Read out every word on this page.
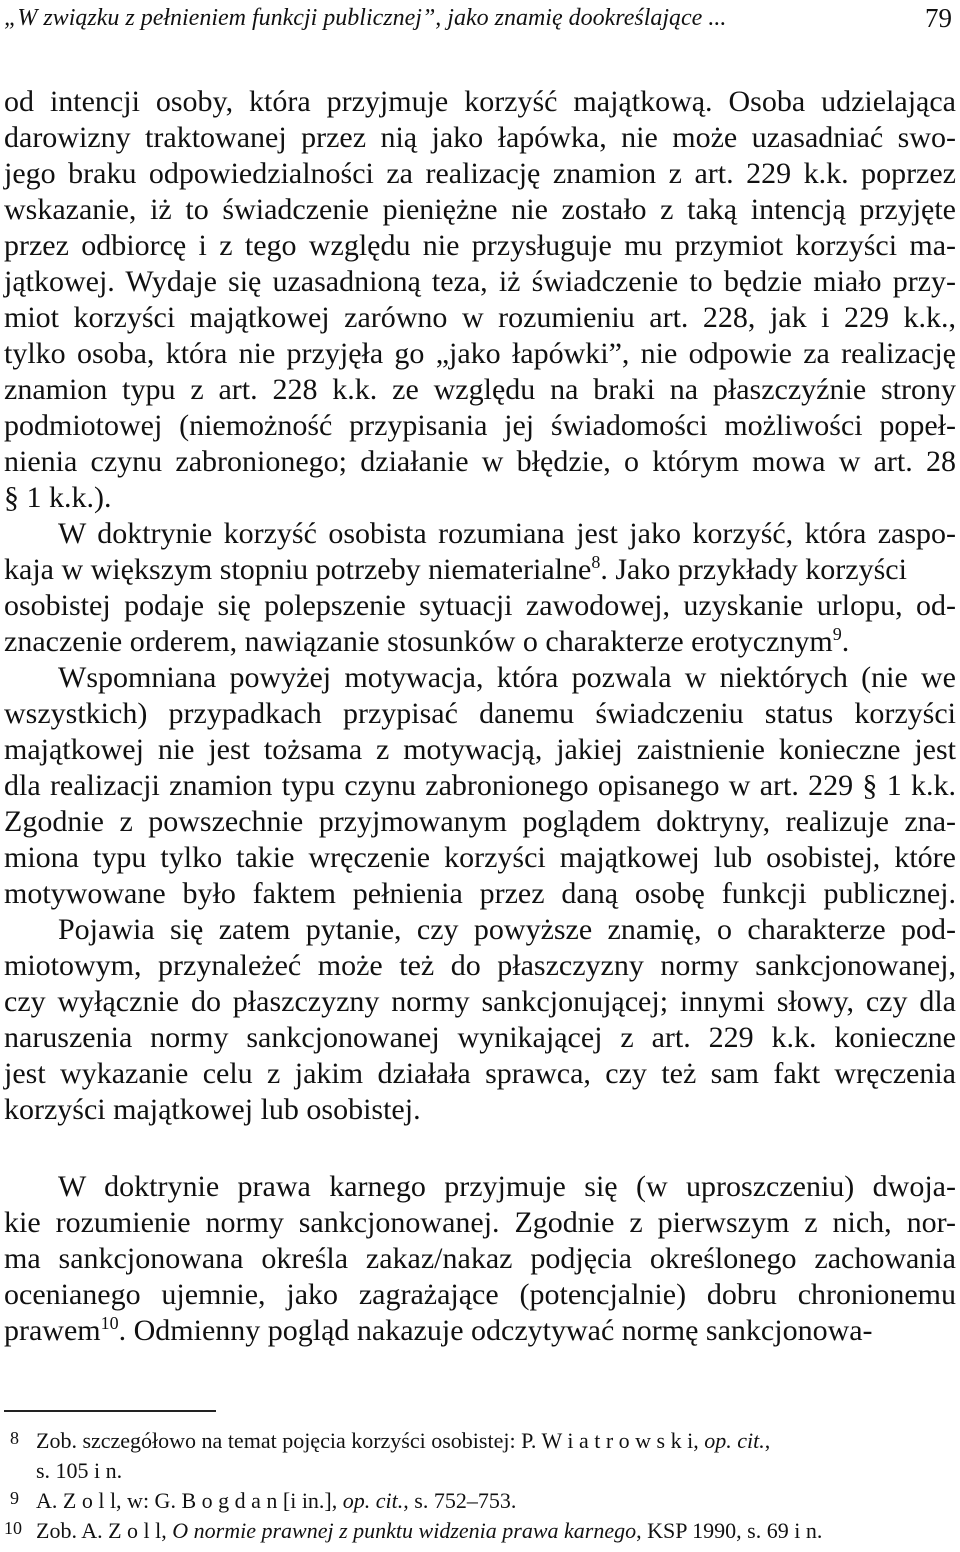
„W związku z pełnieniem funkcji publicznej”, jako znamię dookreślające ...	79
od intencji osoby, która przyjmuje korzyść majątkową. Osoba udzielająca
darowizny traktowanej przez nią jako łapówka, nie może uzasadniać swo-
jego braku odpowiedzialności za realizację znamion z art. 229 k.k. poprzez
wskazanie, iż to świadczenie pieniężne nie zostało z taką intencją przyjęte
przez odbiorcę i z tego względu nie przysługuje mu przymiot korzyści ma-
jątkowej. Wydaje się uzasadnioną teza, iż świadczenie to będzie miało przy-
miot korzyści majątkowej zarówno w rozumieniu art. 228, jak i 229 k.k.,
tylko osoba, która nie przyjęła go „jako łapówki”, nie odpowie za realizację
znamion typu z art. 228 k.k. ze względu na braki na płaszczyźnie strony
podmiotowej (niemożność przypisania jej świadomości możliwości popeł-
nienia czynu zabronionego; działanie w błędzie, o którym mowa w art. 28
§ 1 k.k.).
W doktrynie korzyść osobista rozumiana jest jako korzyść, która zaspo-
kaja w większym stopniu potrzeby niematerialne$^8$. Jako przykłady korzyści
osobistej podaje się polepszenie sytuacji zawodowej, uzyskanie urlopu, od-
znaczenie orderem, nawiązanie stosunków o charakterze erotycznym$^9$.
Wspomniana powyżej motywacja, która pozwala w niektórych (nie we
wszystkich) przypadkach przypisać danemu świadczeniu status korzyści
majątkowej nie jest tożsama z motywacją, jakiej zaistnienie konieczne jest
dla realizacji znamion typu czynu zabronionego opisanego w art. 229 § 1 k.k.
Zgodnie z powszechnie przyjmowanym poglądem doktryny, realizuje zna-
miona typu tylko takie wręczenie korzyści majątkowej lub osobistej, które
motywowane było faktem pełnienia przez daną osobę funkcji publicznej.
Pojawia się zatem pytanie, czy powyższe znamię, o charakterze pod-
miotowym, przynależeć może też do płaszczyzny normy sankcjonowanej,
czy wyłącznie do płaszczyzny normy sankcjonującej; innymi słowy, czy dla
naruszenia normy sankcjonowanej wynikającej z art. 229 k.k. konieczne
jest wykazanie celu z jakim działała sprawca, czy też sam fakt wręczenia
korzyści majątkowej lub osobistej.
W doktrynie prawa karnego przyjmuje się (w uproszczeniu) dwoja-
kie rozumienie normy sankcjonowanej. Zgodnie z pierwszym z nich, nor-
ma sankcjonowana określa zakaz/nakaz podjęcia określonego zachowania
ocenianego ujemnie, jako zagrażające (potencjalnie) dobru chronionemu
prawem$^{10}$. Odmienny pogląd nakazuje odczytywać normę sankcjonowa-
8 Zob. szczegółowo na temat pojęcia korzyści osobistej: P. W i a t r o w s k i, op. cit.,
s. 105 i n.
9 A. Z o l l, w: G. B o g d a n [i in.], op. cit., s. 752–753.
10 Zob. A. Z o l l, O normie prawnej z punktu widzenia prawa karnego, KSP 1990, s. 69 i n.
